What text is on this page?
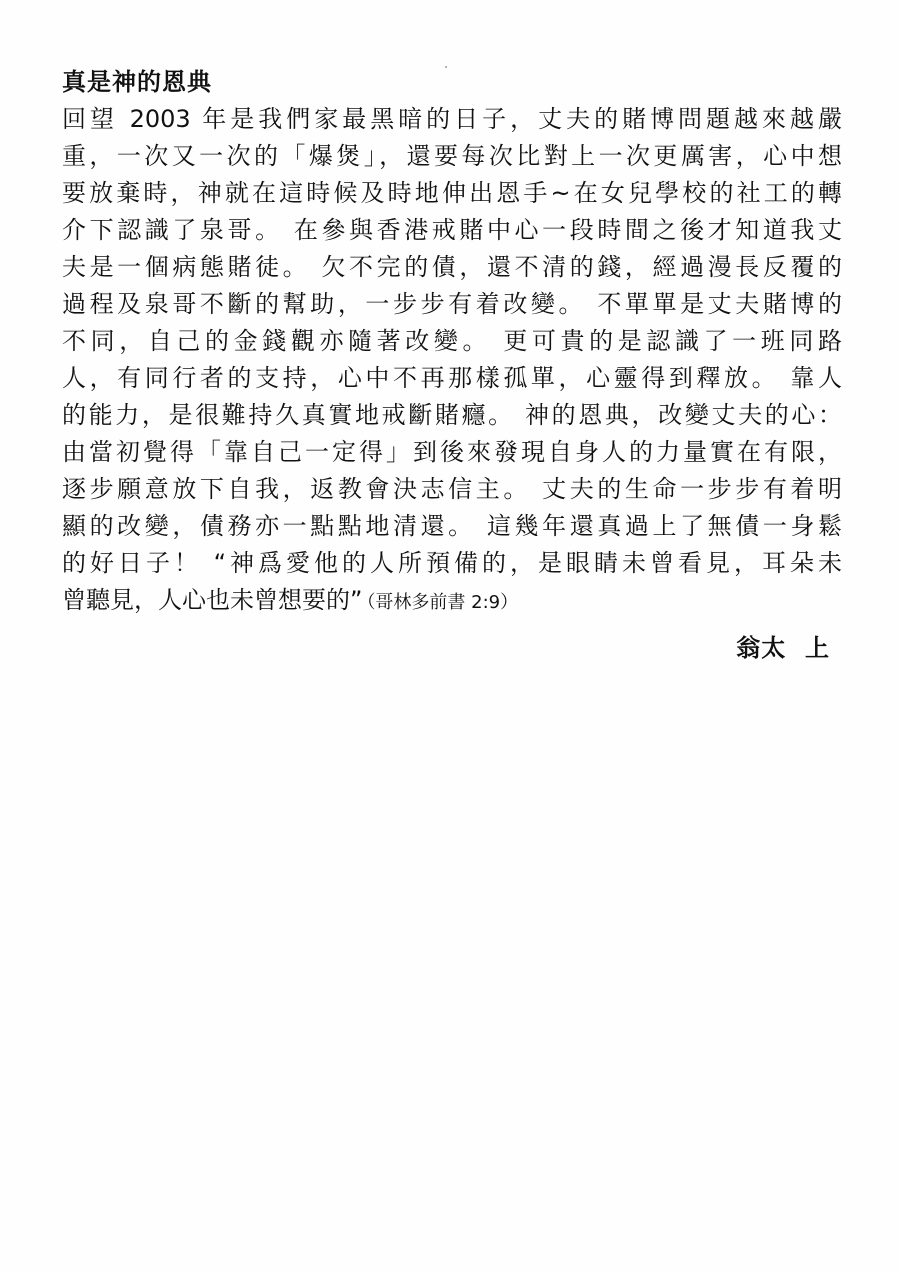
真是神的恩典
回望 2003 年是我們家最黑暗的日子，丈夫的賭博問題越來越嚴
重，一次又一次的「爆煲」，還要每次比對上一次更厲害，心中想
要放棄時，神就在這時候及時地伸出恩手~在女兒學校的社工的轉
介下認識了泉哥。 在參與香港戒賭中心一段時間之後才知道我丈
夫是一個病態賭徒。 欠不完的債，還不清的錢，經過漫長反覆的
過程及泉哥不斷的幫助，一步步有着改變。 不單單是丈夫賭博的
不同，自己的金錢觀亦隨著改變。 更可貴的是認識了一班同路
人，有同行者的支持，心中不再那樣孤單，心靈得到釋放。 靠人
的能力，是很難持久真實地戒斷賭癮。 神的恩典，改變丈夫的心：
由當初覺得「靠自己一定得」到後來發現自身人的力量實在有限，
逐步願意放下自我，返教會決志信主。 丈夫的生命一步步有着明
顯的改變，債務亦一點點地清還。 這幾年還真過上了無債一身鬆
的好日子！ “神爲愛他的人所預備的，是眼睛未曾看見，耳朵未
曾聽見，人心也未曾想要的” （哥林多前書 2:9）
翁太  上
